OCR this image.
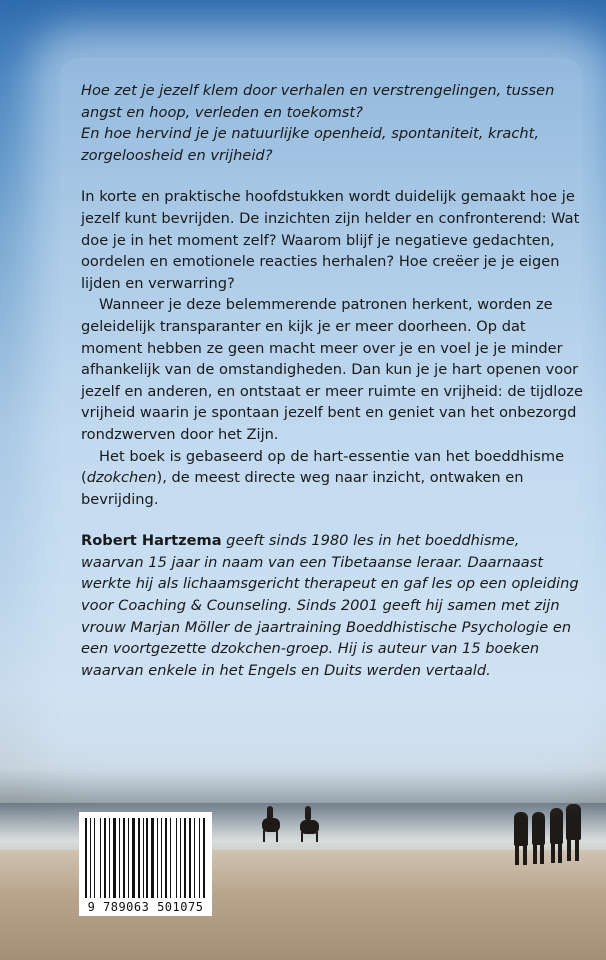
Hoe zet je jezelf klem door verhalen en verstrengelingen, tussen angst en hoop, verleden en toekomst?

En hoe hervind je je natuurlijke openheid, spontaniteit, kracht, zorgeloosheid en vrijheid?

In korte en praktische hoofdstukken wordt duidelijk gemaakt hoe je jezelf kunt bevrijden. De inzichten zijn helder en confronterend: Wat doe je in het moment zelf? Waarom blijf je negatieve gedachten, oordelen en emotionele reacties herhalen? Hoe creëer je je eigen lijden en verwarring?

Wanneer je deze belemmerende patronen herkent, worden ze geleidelijk transparanter en kijk je er meer doorheen. Op dat moment hebben ze geen macht meer over je en voel je je minder afhankelijk van de omstandigheden. Dan kun je je hart openen voor jezelf en anderen, en ontstaat er meer ruimte en vrijheid: de tijdloze vrijheid waarin je spontaan jezelf bent en geniet van het onbezorgd rondzwerven door het Zijn.

Het boek is gebaseerd op de hart-essentie van het boeddhisme (dzokchen), de meest directe weg naar inzicht, ontwaken en bevrijding.

Robert Hartzema geeft sinds 1980 les in het boeddhisme, waarvan 15 jaar in naam van een Tibetaanse leraar. Daarnaast werkte hij als lichaamsgericht therapeut en gaf les op een opleiding voor Coaching & Counseling. Sinds 2001 geeft hij samen met zijn vrouw Marjan Möller de jaartraining Boeddhistische Psychologie en een voortgezette dzokchen-groep. Hij is auteur van 15 boeken waarvan enkele in het Engels en Duits werden vertaald.

9 789063 501075
